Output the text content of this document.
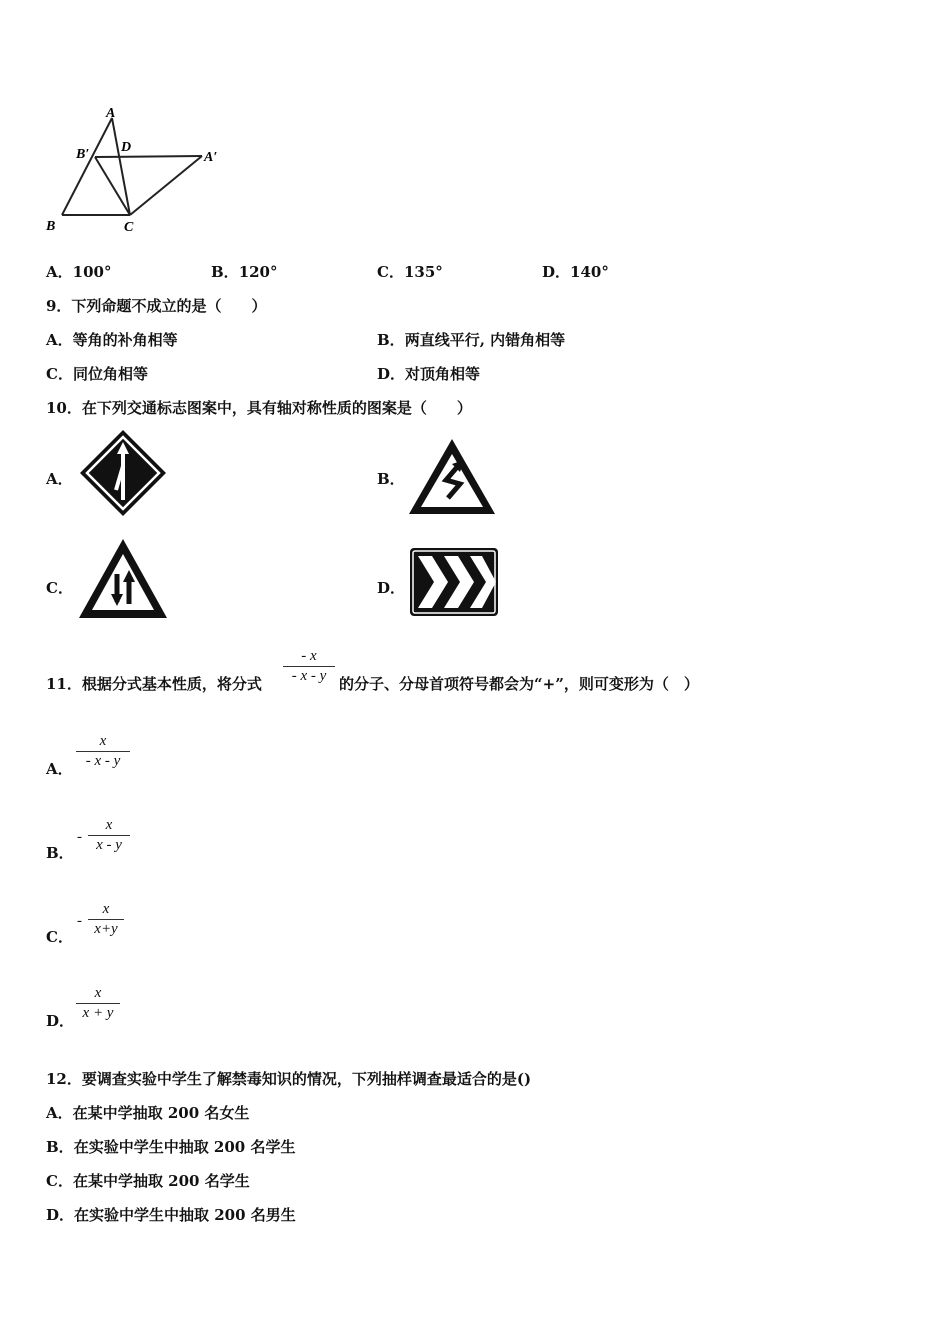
A
B′ D
A′
B	C
A．100°	B．120°	C．135°	D．140°
9．下列命题不成立的是（　　）
A．等角的补角相等	B．两直线平行, 内错角相等
C．同位角相等	D．对顶角相等
10．在下列交通标志图案中，具有轴对称性质的图案是（　　）
A．	B．
C．	D．
11．根据分式基本性质，将分式
- x
- x - y 的分子、分母首项符号都会为“+”，则可变形为（　）
A．
x
- x - y
B．
-
x
x - y
C．
-
x
x+y
D．
x
x + y
12．要调查实验中学生了解禁毒知识的情况，下列抽样调查最适合的是()
A．在某中学抽取 200 名女生
B．在实验中学生中抽取 200 名学生
C．在某中学抽取 200 名学生
D．在实验中学生中抽取 200 名男生
